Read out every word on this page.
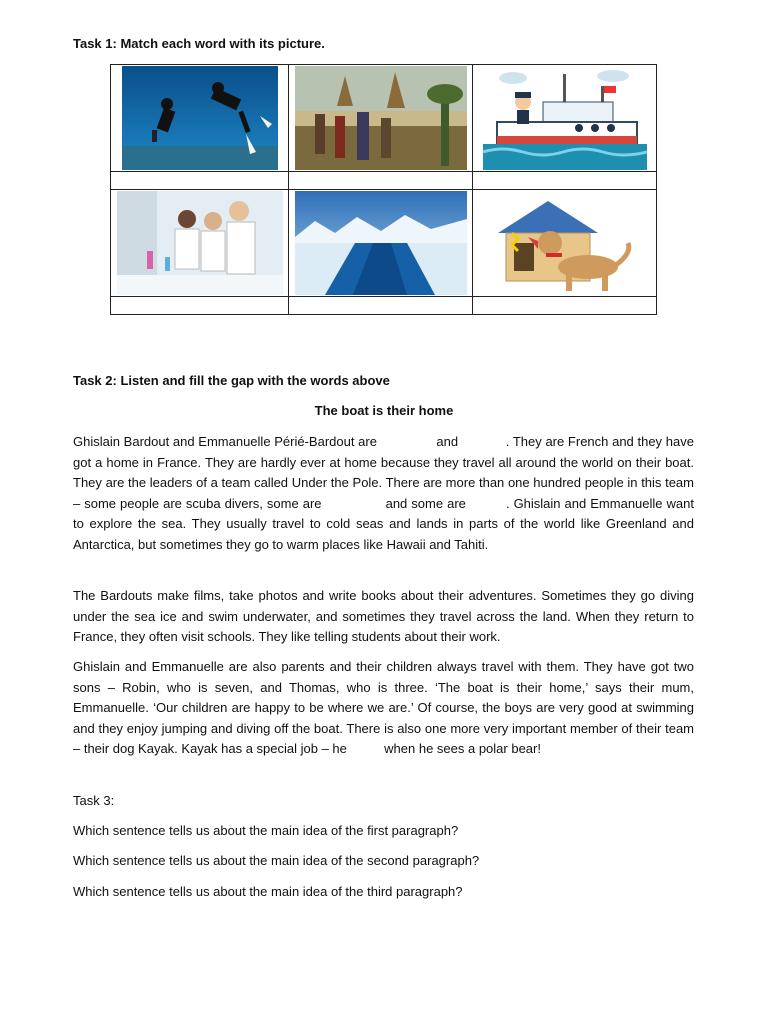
Task 1: Match each word with its picture.

Task 2: Listen and fill the gap with the words above
The boat is their home

Ghislain Bardout and Emmanuelle Périé-Bardout are	and	. They are French and they have got a home in France. They are hardly ever at home because they travel all around the world on their boat. They are the leaders of a team called Under the Pole. There are more than one hundred people in this team – some people are scuba divers, some are	and some are	. Ghislain and Emmanuelle want to explore the sea. They usually travel to cold seas and lands in parts of the world like Greenland and Antarctica, but sometimes they go to warm places like Hawaii and Tahiti.

The Bardouts make films, take photos and write books about their adventures. Sometimes they go diving under the sea ice and swim underwater, and sometimes they travel across the land. When they return to France, they often visit schools. They like telling students about their work.

Ghislain and Emmanuelle are also parents and their children always travel with them. They have got two sons – Robin, who is seven, and Thomas, who is three. ‘The boat is their home,’ says their mum, Emmanuelle. ‘Our children are happy to be where we are.’ Of course, the boys are very good at swimming and they enjoy jumping and diving off the boat. There is also one more very important member of their team – their dog Kayak. Kayak has a special job – he	when he sees a polar bear!

Task 3:
Which sentence tells us about the main idea of the first paragraph?
Which sentence tells us about the main idea of the second paragraph?
Which sentence tells us about the main idea of the third paragraph?
